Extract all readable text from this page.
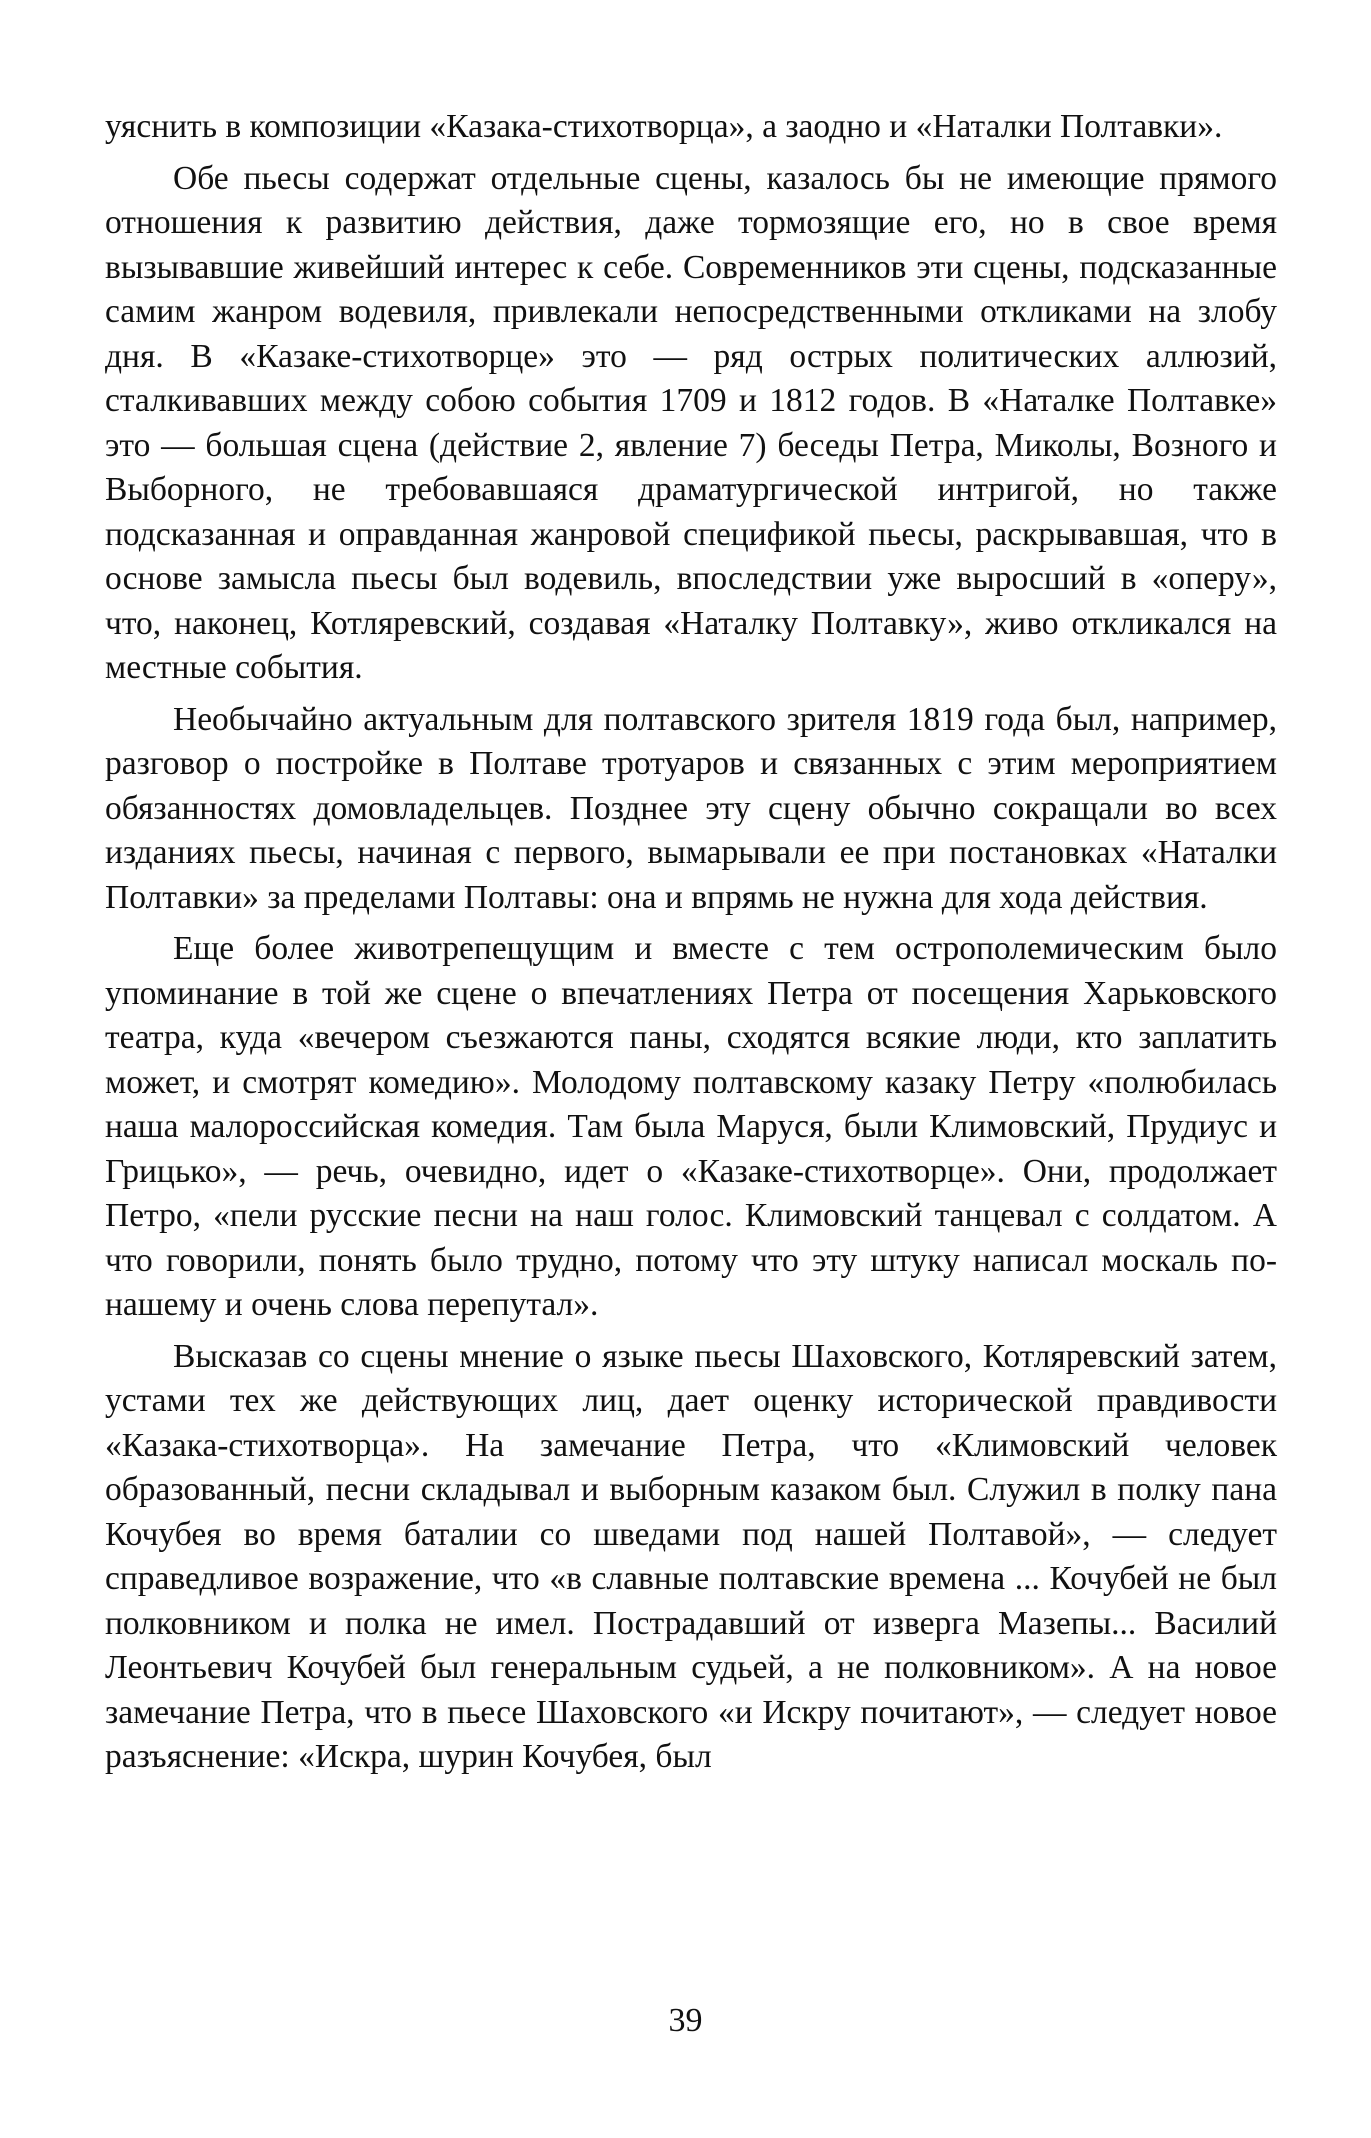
уяснить в композиции «Казака-стихотворца», а заодно и «Наталки Полтавки».

Обе пьесы содержат отдельные сцены, казалось бы не имеющие прямого отношения к развитию действия, даже тормозящие его, но в свое время вызывавшие живейший интерес к себе. Современников эти сцены, подсказанные самим жанром водевиля, привлекали непосредственными откликами на злобу дня. В «Казаке-стихотворце» это — ряд острых политических аллюзий, сталкивавших между собою события 1709 и 1812 годов. В «Наталке Полтавке» это — большая сцена (действие 2, явление 7) беседы Петра, Миколы, Возного и Выборного, не требовавшаяся драматургической интригой, но также подсказанная и оправданная жанровой спецификой пьесы, раскрывавшая, что в основе замысла пьесы был водевиль, впоследствии уже выросший в «оперу», что, наконец, Котляревский, создавая «Наталку Полтавку», живо откликался на местные события.

Необычайно актуальным для полтавского зрителя 1819 года был, например, разговор о постройке в Полтаве тротуаров и связанных с этим мероприятием обязанностях домовладельцев. Позднее эту сцену обычно сокращали во всех изданиях пьесы, начиная с первого, вымарывали ее при постановках «Наталки Полтавки» за пределами Полтавы: она и впрямь не нужна для хода действия.

Еще более животрепещущим и вместе с тем острополемическим было упоминание в той же сцене о впечатлениях Петра от посещения Харьковского театра, куда «вечером съезжаются паны, сходятся всякие люди, кто заплатить может, и смотрят комедию». Молодому полтавскому казаку Петру «полюбилась наша малороссийская комедия. Там была Маруся, были Климовский, Прудиус и Грицько», — речь, очевидно, идет о «Казаке-стихотворце». Они, продолжает Петро, «пели русские песни на наш голос. Климовский танцевал с солдатом. А что говорили, понять было трудно, потому что эту штуку написал москаль по-нашему и очень слова перепутал».

Высказав со сцены мнение о языке пьесы Шаховского, Котляревский затем, устами тех же действующих лиц, дает оценку исторической правдивости «Казака-стихотворца». На замечание Петра, что «Климовский человек образованный, песни складывал и выборным казаком был. Служил в полку пана Кочубея во время баталии со шведами под нашей Полтавой», — следует справедливое возражение, что «в славные полтавские времена ... Кочубей не был полковником и полка не имел. Пострадавший от изверга Мазепы... Василий Леонтьевич Кочубей был генеральным судьей, а не полковником». А на новое замечание Петра, что в пьесе Шаховского «и Искру почитают», — следует новое разъяснение: «Искра, шурин Кочубея, был

39
